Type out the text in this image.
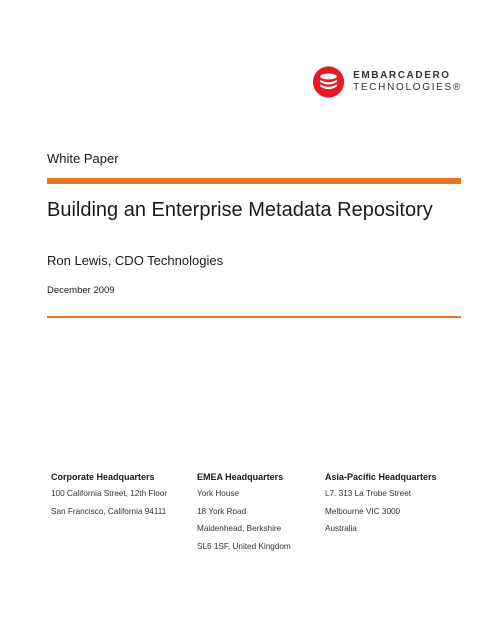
EMBARCADERO
TECHNOLOGIES®
White Paper
Building an Enterprise Metadata Repository
Ron Lewis, CDO Technologies
December 2009
Corporate Headquarters
100 California Street, 12th Floor
San Francisco, California 94111
EMEA Headquarters
York House
18 York Road
Maidenhead, Berkshire
SL6 1SF, United Kingdom
Asia-Pacific Headquarters
L7. 313 La Trobe Street
Melbourne VIC 3000
Australia
